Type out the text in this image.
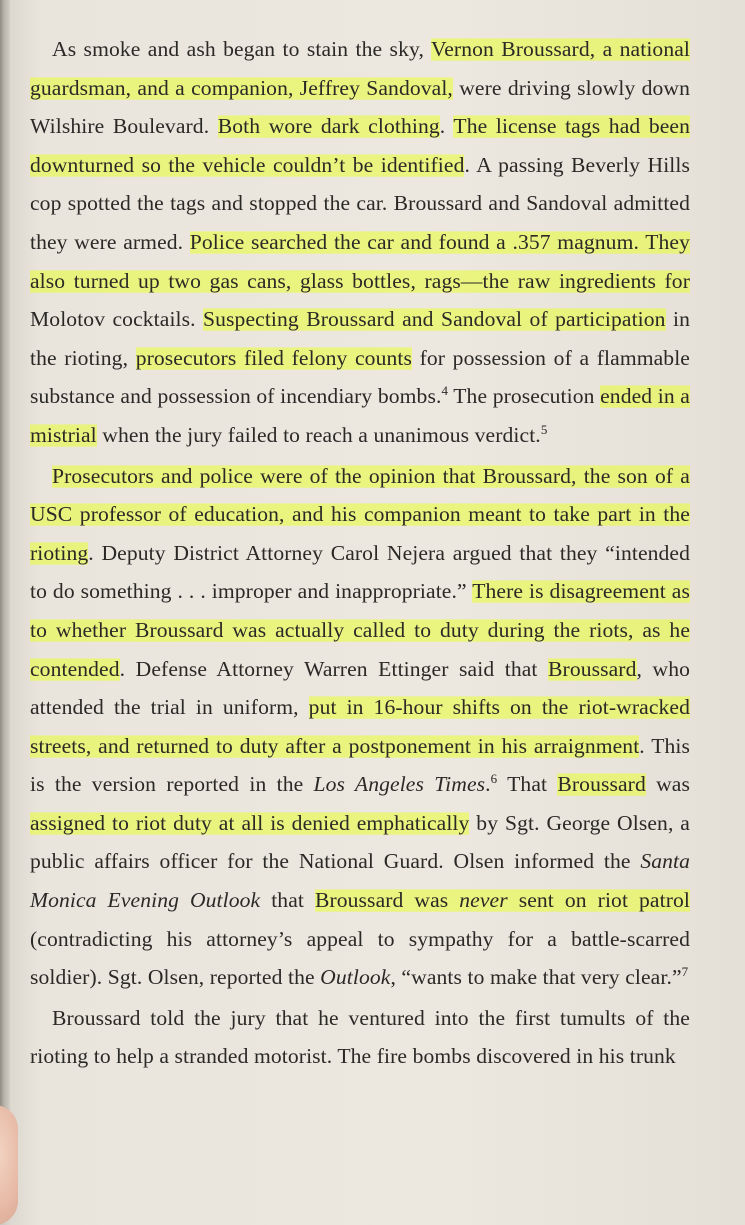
As smoke and ash began to stain the sky, Vernon Broussard, a national guardsman, and a companion, Jeffrey Sandoval, were driving slowly down Wilshire Boulevard. Both wore dark clothing. The license tags had been downturned so the vehicle couldn’t be identified. A passing Beverly Hills cop spotted the tags and stopped the car. Broussard and Sandoval admitted they were armed. Police searched the car and found a .357 magnum. They also turned up two gas cans, glass bottles, rags—the raw ingredients for Molotov cocktails. Suspecting Broussard and Sandoval of participation in the rioting, prosecutors filed felony counts for possession of a flammable substance and possession of incendiary bombs.$^4$ The prosecution ended in a mistrial when the jury failed to reach a unanimous verdict.$^5$

Prosecutors and police were of the opinion that Broussard, the son of a USC professor of education, and his companion meant to take part in the rioting. Deputy District Attorney Carol Nejera argued that they “intended to do something . . . improper and inappropriate.” There is disagreement as to whether Broussard was actually called to duty during the riots, as he contended. Defense Attorney Warren Ettinger said that Broussard, who attended the trial in uniform, put in 16-hour shifts on the riot-wracked streets, and returned to duty after a postponement in his arraignment. This is the version reported in the Los Angeles Times.$^6$ That Broussard was assigned to riot duty at all is denied emphatically by Sgt. George Olsen, a public affairs officer for the National Guard. Olsen informed the Santa Monica Evening Outlook that Broussard was never sent on riot patrol (contradicting his attorney’s appeal to sympathy for a battle-scarred soldier). Sgt. Olsen, reported the Outlook, “wants to make that very clear.”$^7$

Broussard told the jury that he ventured into the first tumults of the rioting to help a stranded motorist. The fire bombs discovered in his trunk
